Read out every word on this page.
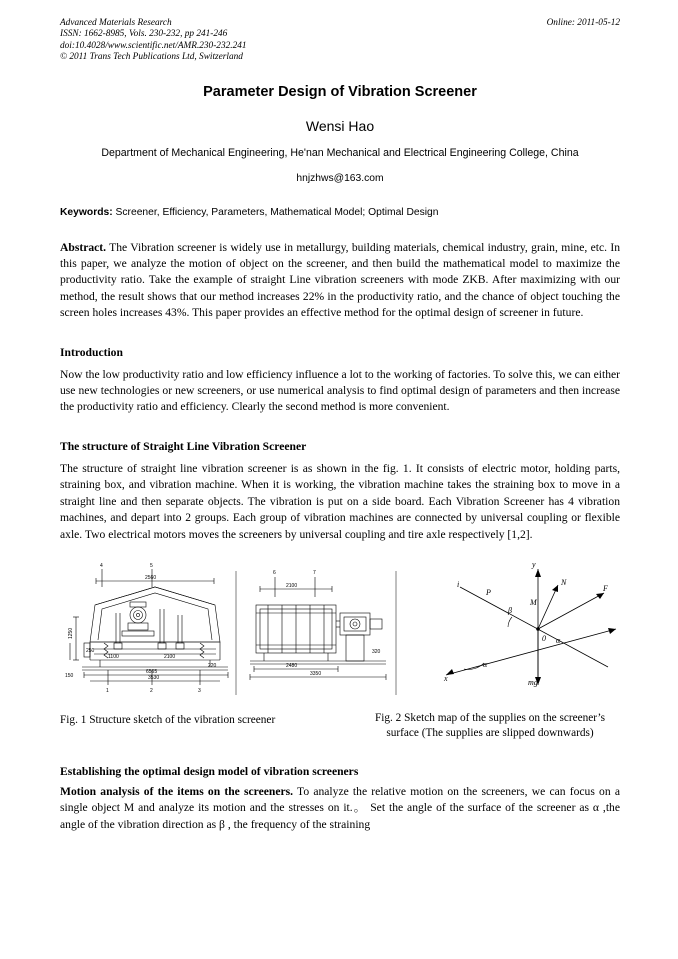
Advanced Materials Research	Online: 2011-05-12
ISSN: 1662-8985, Vols. 230-232, pp 241-246
doi:10.4028/www.scientific.net/AMR.230-232.241
© 2011 Trans Tech Publications Ltd, Switzerland
Parameter Design of Vibration Screener
Wensi Hao
Department of Mechanical Engineering, He'nan Mechanical and Electrical Engineering College, China
hnjzhws@163.com
Keywords: Screener, Efficiency, Parameters, Mathematical Model; Optimal Design
Abstract. The Vibration screener is widely use in metallurgy, building materials, chemical industry, grain, mine, etc. In this paper, we analyze the motion of object on the screener, and then build the mathematical model to maximize the productivity ratio. Take the example of straight Line vibration screeners with mode ZKB. After maximizing with our method, the result shows that our method increases 22% in the productivity ratio, and the chance of object touching the screen holes increases 43%. This paper provides an effective method for the optimal design of screener in future.
Introduction
Now the low productivity ratio and low efficiency influence a lot to the working of factories. To solve this, we can either use new technologies or new screeners, or use numerical analysis to find optimal design of parameters and then increase the productivity ratio and efficiency. Clearly the second method is more convenient.
The structure of Straight Line Vibration Screener
The structure of straight line vibration screener is as shown in the fig. 1. It consists of electric motor, holding parts, straining box, and vibration machine. When it is working, the vibration machine takes the straining box to move in a straight line and then separate objects. The vibration is put on a side board. Each Vibration Screener has 4 vibration machines, and depart into 2 groups. Each group of vibration machines are connected by universal coupling or flexible axle. Two electrical motors moves the screeners by universal coupling and tire axle respectively [1,2].
4	5
1	2	3
2560
6565
3530
150
1250
250
1100	2100
220
6	7
2100
2480
3350
320
y
F
N
P
i
x	mg
0
M
β
α
α
Fig. 1 Structure sketch of the vibration screener	Fig. 2 Sketch map of the supplies on the screener’s surface (The supplies are slipped downwards)
Establishing the optimal design model of vibration screeners
Motion analysis of the items on the screeners. To analyze the relative motion on the screeners, we can focus on a single object M and analyze its motion and the stresses on it.。 Set the angle of the surface of the screener as α ,the angle of the vibration direction as β , the frequency of the straining
